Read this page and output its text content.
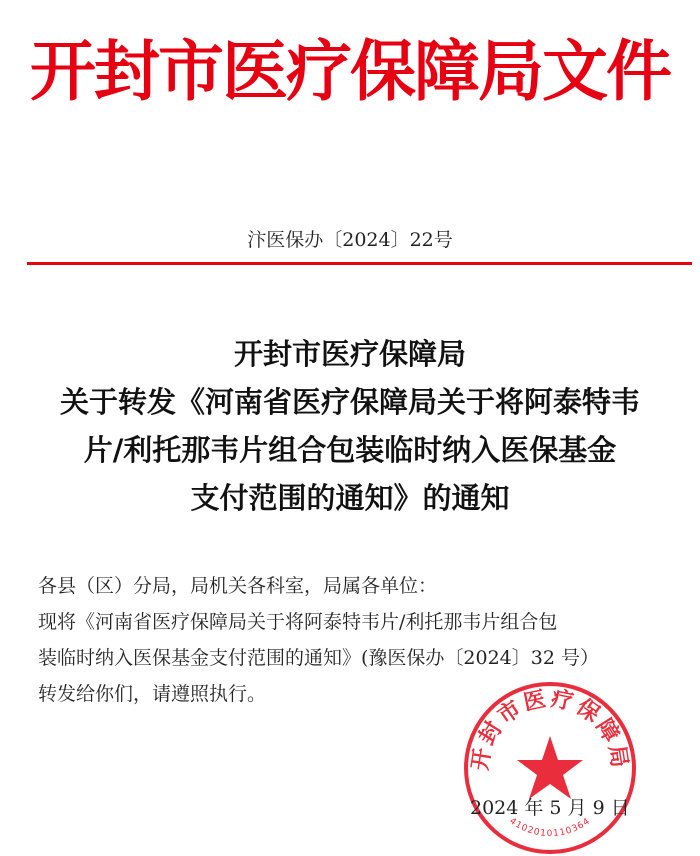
开封市医疗保障局文件
汴医保办〔2024〕22号
开封市医疗保障局
关于转发《河南省医疗保障局关于将阿泰特韦
片/利托那韦片组合包装临时纳入医保基金
支付范围的通知》的通知

各县（区）分局，局机关各科室，局属各单位：

现将《河南省医疗保障局关于将阿泰特韦片/利托那韦片组合包

装临时纳入医保基金支付范围的通知》(豫医保办〔2024〕32 号）

转发给你们，请遵照执行。

开封市医疗保障局
4102010110364
2024 年 5 月 9 日
